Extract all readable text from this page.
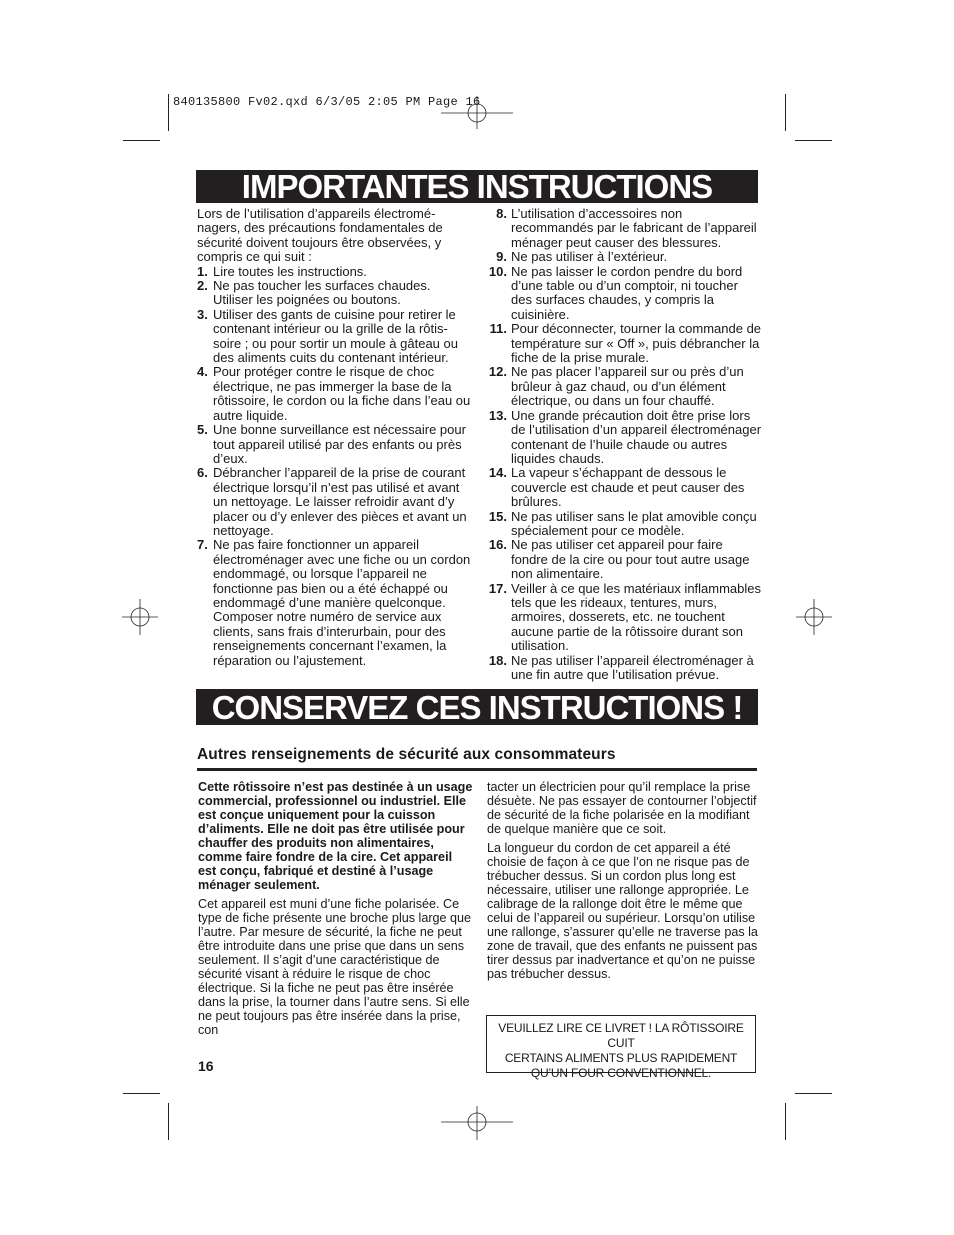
840135800 Fv02.qxd 6/3/05 2:05 PM Page 16
IMPORTANTES INSTRUCTIONS

Lors de l’utilisation d’appareils électroménagers, des précautions fondamentales de sécurité doivent toujours être observées, y compris ce qui suit :

1. Lire toutes les instructions.
2. Ne pas toucher les surfaces chaudes. Utiliser les poignées ou boutons.
3. Utiliser des gants de cuisine pour retirer le contenant intérieur ou la grille de la rôtissoire ; ou pour sortir un moule à gâteau ou des aliments cuits du contenant intérieur.
4. Pour protéger contre le risque de choc électrique, ne pas immerger la base de la rôtissoire, le cordon ou la fiche dans l’eau ou autre liquide.
5. Une bonne surveillance est nécessaire pour tout appareil utilisé par des enfants ou près d’eux.
6. Débrancher l’appareil de la prise de courant électrique lorsqu’il n’est pas utilisé et avant un nettoyage. Le laisser refroidir avant d’y placer ou d’y enlever des pièces et avant un nettoyage.
7. Ne pas faire fonctionner un appareil électroménager avec une fiche ou un cordon endommagé, ou lorsque l’appareil ne fonctionne pas bien ou a été échappé ou endommagé d’une manière quelconque. Composer notre numéro de service aux clients, sans frais d’interurbain, pour des renseignements concernant l’examen, la réparation ou l’ajustement.
8. L’utilisation d’accessoires non recommandés par le fabricant de l’appareil ménager peut causer des blessures.
9. Ne pas utiliser à l’extérieur.
10. Ne pas laisser le cordon pendre du bord d’une table ou d’un comptoir, ni toucher des surfaces chaudes, y compris la cuisinière.
11. Pour déconnecter, tourner la commande de température sur « Off », puis débrancher la fiche de la prise murale.
12. Ne pas placer l’appareil sur ou près d’un brûleur à gaz chaud, ou d’un élément électrique, ou dans un four chauffé.
13. Une grande précaution doit être prise lors de l’utilisation d’un appareil électroménager contenant de l’huile chaude ou autres liquides chauds.
14. La vapeur s’échappant de dessous le couvercle est chaude et peut causer des brûlures.
15. Ne pas utiliser sans le plat amovible conçu spécialement pour ce modèle.
16. Ne pas utiliser cet appareil pour faire fondre de la cire ou pour tout autre usage non alimentaire.
17. Veiller à ce que les matériaux inflammables tels que les rideaux, tentures, murs, armoires, dosserets, etc. ne touchent aucune partie de la rôtissoire durant son utilisation.
18. Ne pas utiliser l’appareil électroménager à une fin autre que l’utilisation prévue.
CONSERVEZ CES INSTRUCTIONS !
Autres renseignements de sécurité aux consommateurs

Cette rôtissoire n’est pas destinée à un usage commercial, professionnel ou industriel. Elle est conçue uniquement pour la cuisson d’aliments. Elle ne doit pas être utilisée pour chauffer des produits non alimentaires, comme faire fondre de la cire. Cet appareil est conçu, fabriqué et destiné à l’usage ménager seulement.

Cet appareil est muni d’une fiche polarisée. Ce type de fiche présente une broche plus large que l’autre. Par mesure de sécurité, la fiche ne peut être introduite dans une prise que dans un sens seulement. Il s’agit d’une caractéristique de sécurité visant à réduire le risque de choc électrique. Si la fiche ne peut pas être insérée dans la prise, la tourner dans l’autre sens. Si elle ne peut toujours pas être insérée dans la prise, con

tacter un électricien pour qu’il remplace la prise désuète. Ne pas essayer de contourner l’objectif de sécurité de la fiche polarisée en la modifiant de quelque manière que ce soit.

La longueur du cordon de cet appareil a été choisie de façon à ce que l’on ne risque pas de trébucher dessus. Si un cordon plus long est nécessaire, utiliser une rallonge appropriée. Le calibrage de la rallonge doit être le même que celui de l’appareil ou supérieur. Lorsqu’on utilise une rallonge, s’assurer qu’elle ne traverse pas la zone de travail, que des enfants ne puissent pas tirer dessus par inadvertance et qu’on ne puisse pas trébucher dessus.

VEUILLEZ LIRE CE LIVRET ! LA RÔTISSOIRE CUIT
CERTAINS ALIMENTS PLUS RAPIDEMENT
QU’UN FOUR CONVENTIONNEL.
16
